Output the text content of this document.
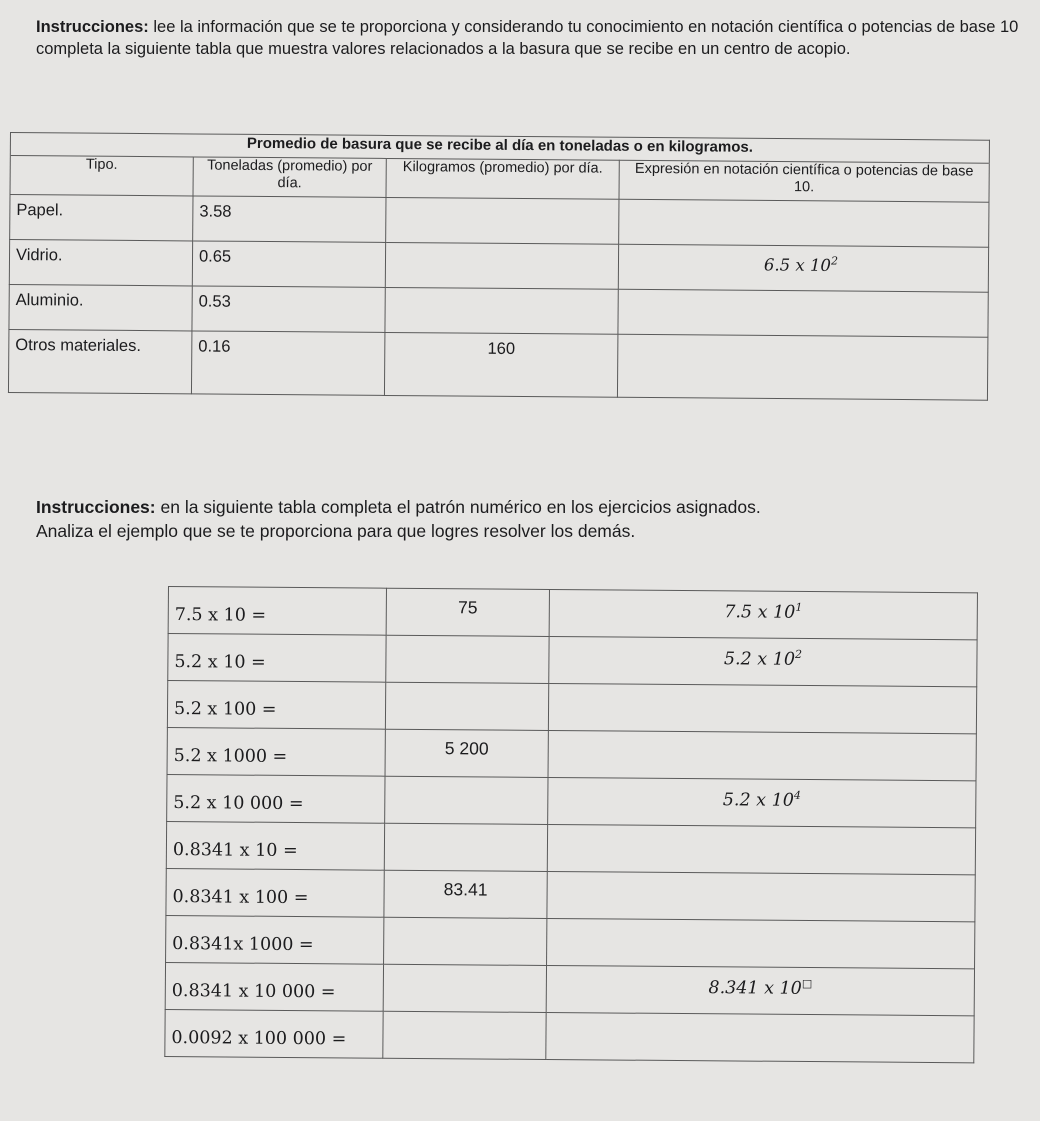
Instrucciones: lee la información que se te proporciona y considerando tu conocimiento en notación científica o potencias de base 10 completa la siguiente tabla que muestra valores relacionados a la basura que se recibe en un centro de acopio.

Promedio de basura que se recibe al día en toneladas o en kilogramos.			
Tipo.	Toneladas (promedio) por día.	Kilogramos (promedio) por día.	Expresión en notación científica o potencias de base 10.
Papel.	3.58		
Vidrio.	0.65		6.5 x $10^2$
Aluminio.	0.53		
Otros materiales.	0.16	160	

Instrucciones: en la siguiente tabla completa el patrón numérico en los ejercicios asignados.
Analiza el ejemplo que se te proporciona para que logres resolver los demás.

7.5 x 10 =	75	7.5 x $10^1$
5.2 x 10 =		5.2 x $10^2$
5.2 x 100 =		
5.2 x 1000 =	5 200	
5.2 x 10 000 =		5.2 x $10^4$
0.8341 x 10 =		
0.8341 x 100 =	83.41	
0.8341x 1000 =		
0.8341 x 10 000 =		8.341 x 10□
0.0092 x 100 000 =		
